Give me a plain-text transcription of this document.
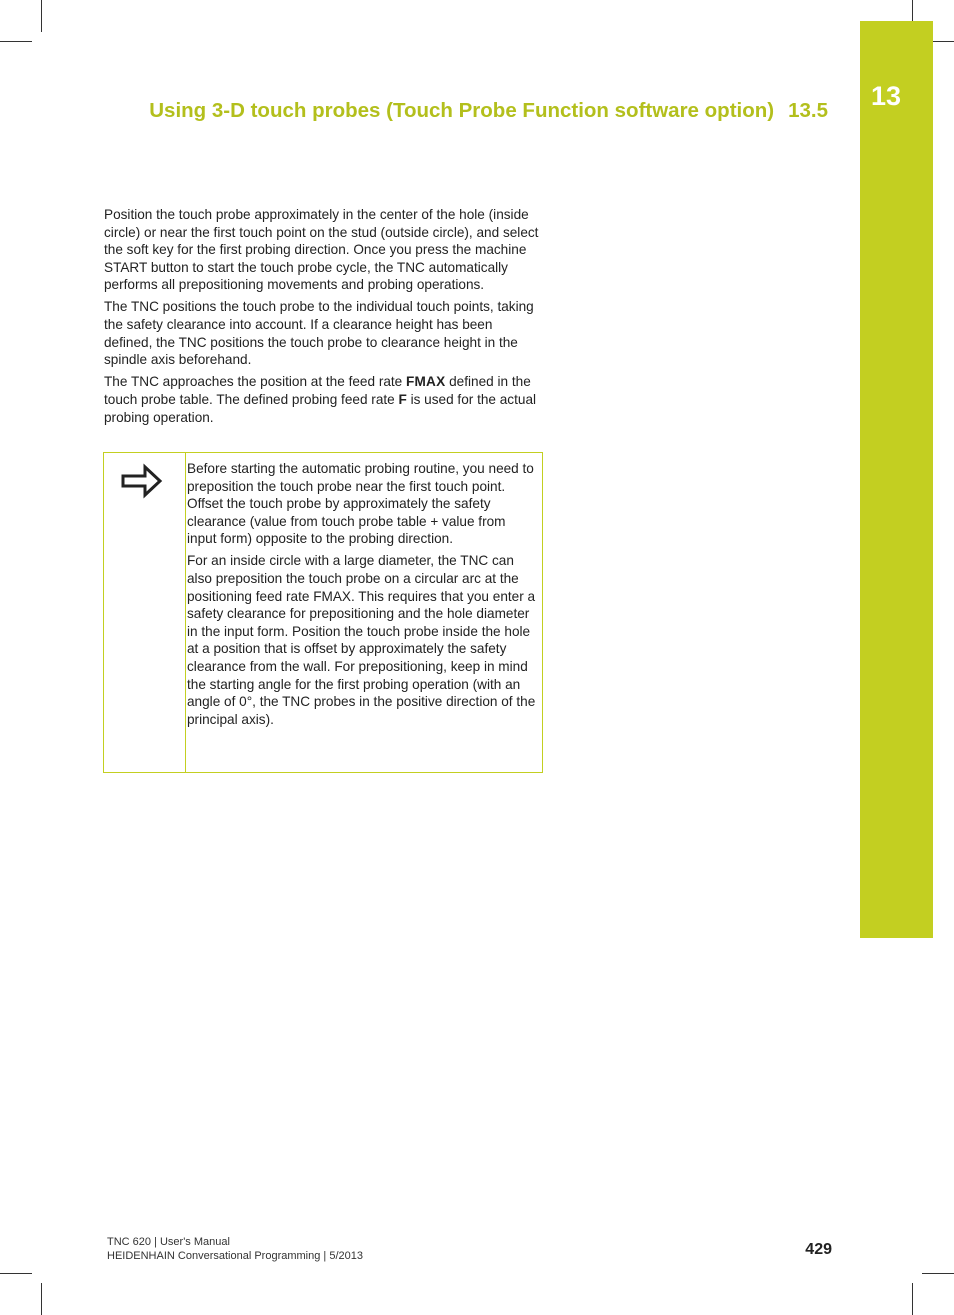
13
Using 3-D touch probes (Touch Probe Function software option) 13.5

Position the touch probe approximately in the center of the hole (inside circle) or near the first touch point on the stud (outside circle), and select the soft key for the first probing direction. Once you press the machine START button to start the touch probe cycle, the TNC automatically performs all prepositioning movements and probing operations.

The TNC positions the touch probe to the individual touch points, taking the safety clearance into account. If a clearance height has been defined, the TNC positions the touch probe to clearance height in the spindle axis beforehand.

The TNC approaches the position at the feed rate FMAX defined in the touch probe table. The defined probing feed rate F is used for the actual probing operation.

Before starting the automatic probing routine, you need to preposition the touch probe near the first touch point. Offset the touch probe by approximately the safety clearance (value from touch probe table + value from input form) opposite to the probing direction.

For an inside circle with a large diameter, the TNC can also preposition the touch probe on a circular arc at the positioning feed rate FMAX. This requires that you enter a safety clearance for prepositioning and the hole diameter in the input form. Position the touch probe inside the hole at a position that is offset by approximately the safety clearance from the wall. For prepositioning, keep in mind the starting angle for the first probing operation (with an angle of 0°, the TNC probes in the positive direction of the principal axis).

TNC 620 | User's Manual
HEIDENHAIN Conversational Programming | 5/2013	429
